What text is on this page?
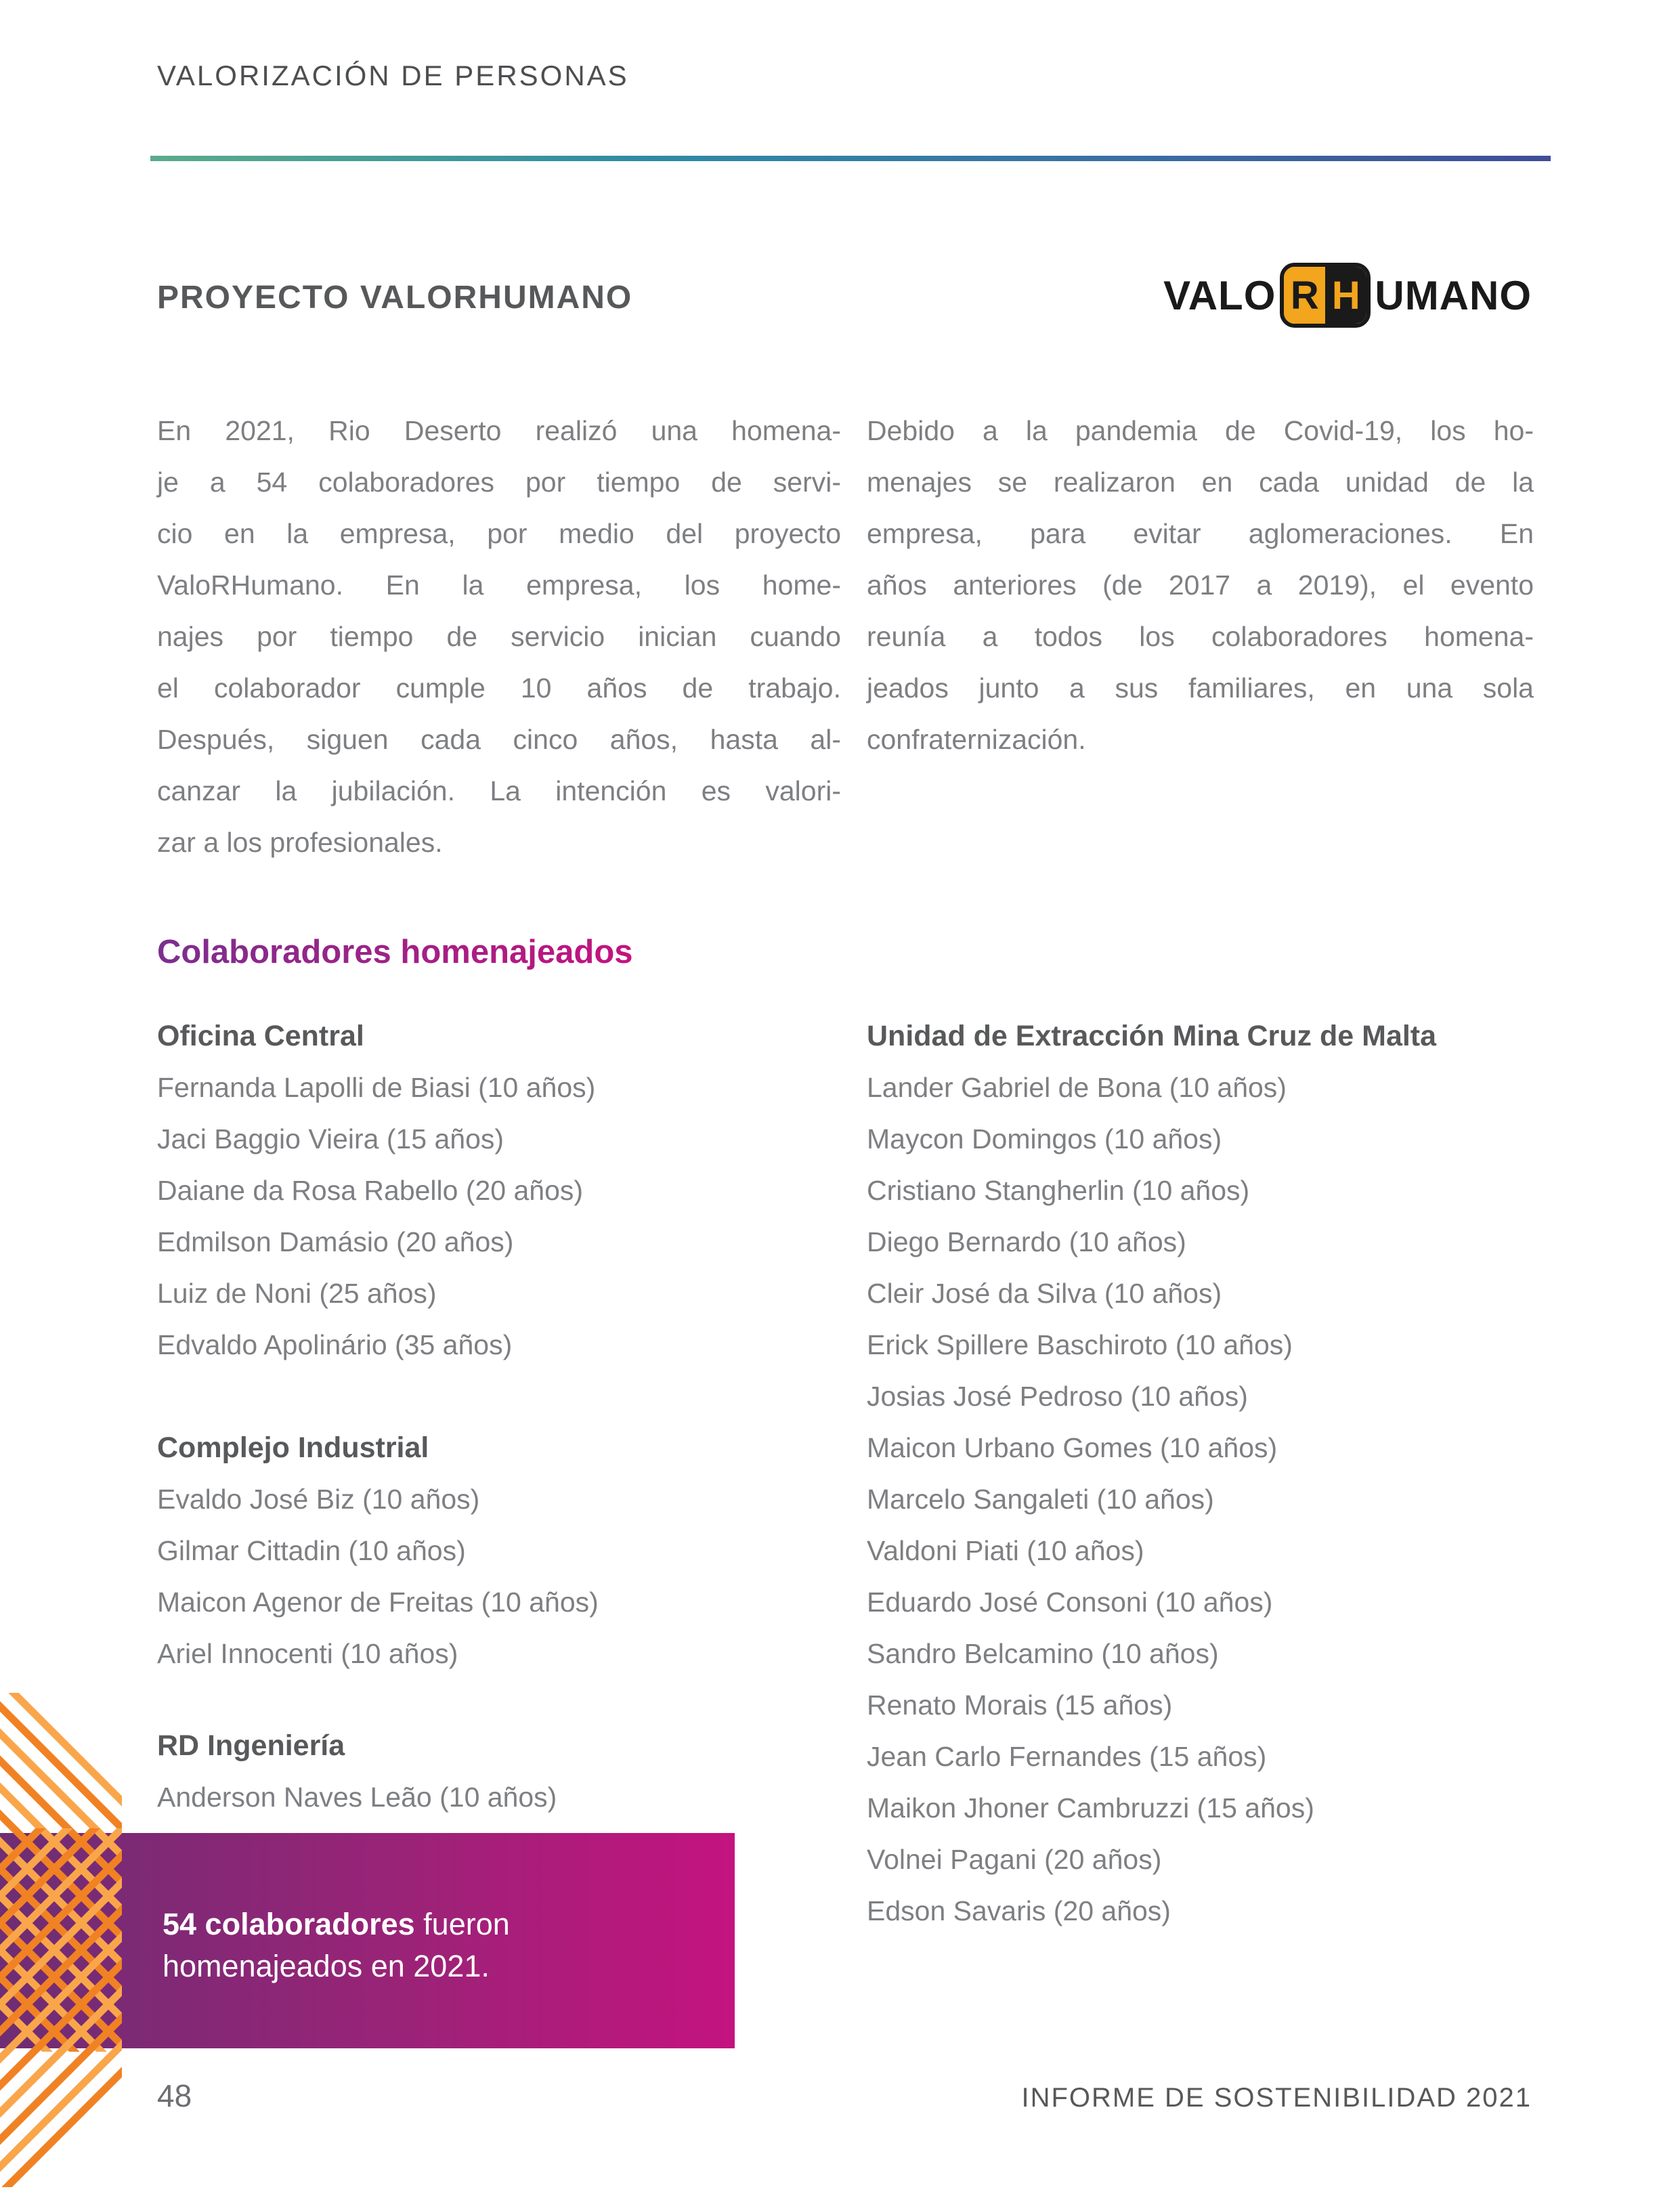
VALORIZACIÓN DE PERSONAS
PROYECTO VALORHUMANO	VALO R H UMANO
En 2021, Rio Deserto realizó una homena-
je a 54 colaboradores por tiempo de servi-
cio en la empresa, por medio del proyecto
ValoRHumano. En la empresa, los home-
najes por tiempo de servicio inician cuando
el colaborador cumple 10 años de trabajo.
Después, siguen cada cinco años, hasta al-
canzar la jubilación. La intención es valori-
zar a los profesionales.
Debido a la pandemia de Covid-19, los ho-
menajes se realizaron en cada unidad de la
empresa, para evitar aglomeraciones. En
años anteriores (de 2017 a 2019), el evento
reunía a todos los colaboradores homena-
jeados junto a sus familiares, en una sola
confraternización.
Colaboradores homenajeados
Oficina Central
Fernanda Lapolli de Biasi (10 años)
Jaci Baggio Vieira (15 años)
Daiane da Rosa Rabello (20 años)
Edmilson Damásio (20 años)
Luiz de Noni (25 años)
Edvaldo Apolinário (35 años)
Complejo Industrial
Evaldo José Biz (10 años)
Gilmar Cittadin (10 años)
Maicon Agenor de Freitas (10 años)
Ariel Innocenti (10 años)
RD Ingeniería
Anderson Naves Leão (10 años)
Unidad de Extracción Mina Cruz de Malta
Lander Gabriel de Bona (10 años)
Maycon Domingos (10 años)
Cristiano Stangherlin (10 años)
Diego Bernardo (10 años)
Cleir José da Silva (10 años)
Erick Spillere Baschiroto (10 años)
Josias José Pedroso (10 años)
Maicon Urbano Gomes (10 años)
Marcelo Sangaleti (10 años)
Valdoni Piati (10 años)
Eduardo José Consoni (10 años)
Sandro Belcamino (10 años)
Renato Morais (15 años)
Jean Carlo Fernandes (15 años)
Maikon Jhoner Cambruzzi (15 años)
Volnei Pagani (20 años)
Edson Savaris (20 años)

54 colaboradores fueron

homenajeados en 2021.

48	INFORME DE SOSTENIBILIDAD 2021
